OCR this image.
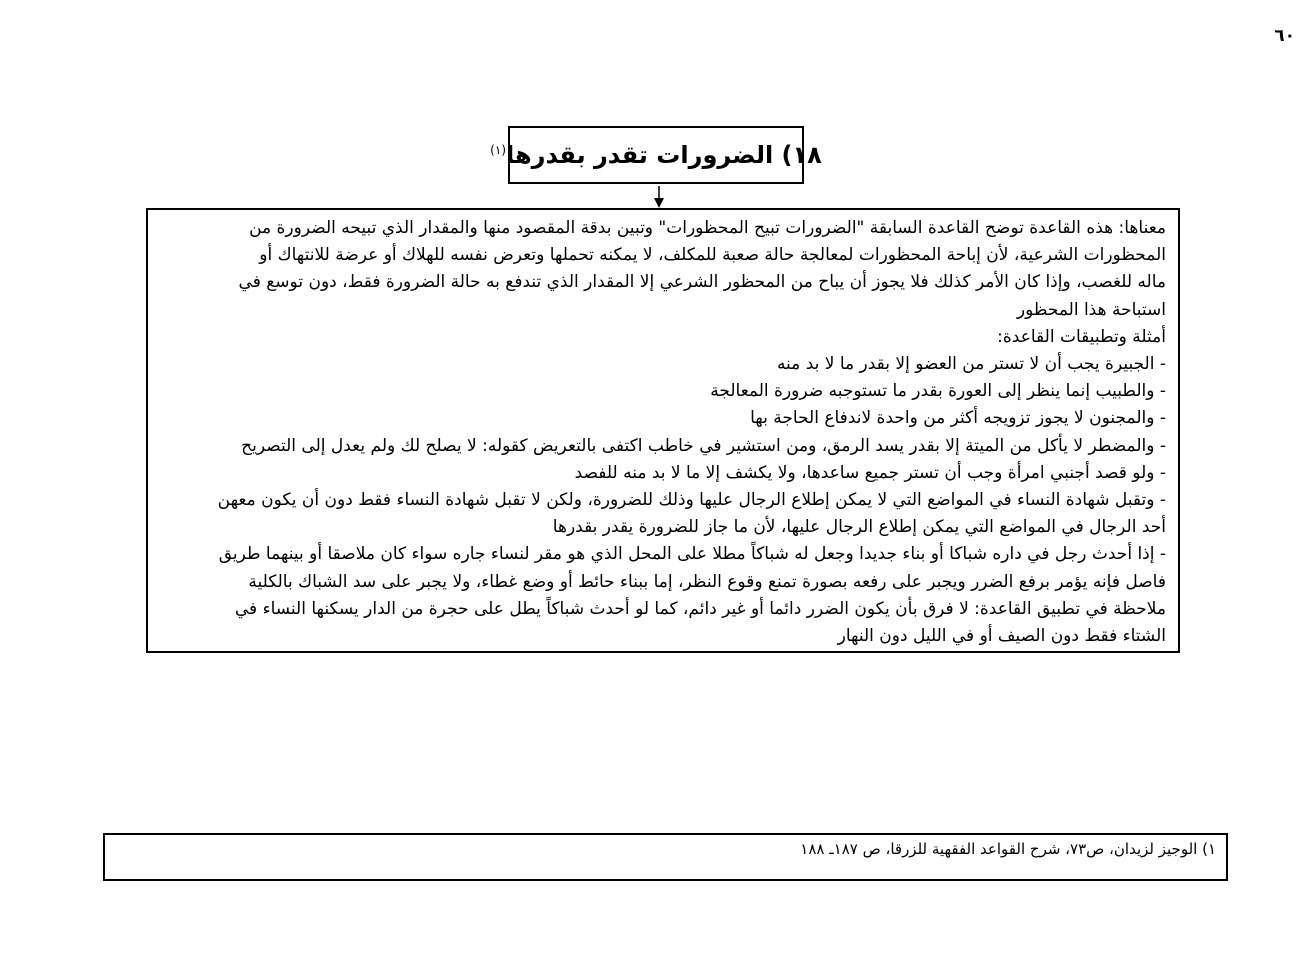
٦٠
١٨) الضرورات تقدر بقدرها$^{(١)}$

معناها: هذه القاعدة توضح القاعدة السابقة "الضرورات تبيح المحظورات" وتبين بدقة المقصود منها والمقدار الذي تبيحه الضرورة من

المحظورات الشرعية، لأن إباحة المحظورات لمعالجة حالة صعبة للمكلف، لا يمكنه تحملها وتعرض نفسه للهلاك أو عرضة للانتهاك أو

ماله للغصب، وإذا كان الأمر كذلك فلا يجوز أن يباح من المحظور الشرعي إلا المقدار الذي تندفع به حالة الضرورة فقط، دون توسع في

استباحة هذا المحظور

أمثلة وتطبيقات القاعدة:

- الجبيرة يجب أن لا تستر من العضو إلا بقدر ما لا بد منه

- والطبيب إنما ينظر إلى العورة بقدر ما تستوجبه ضرورة المعالجة

- والمجنون لا يجوز تزويجه أكثر من واحدة لاندفاع الحاجة بها

- والمضطر لا يأكل من الميتة إلا بقدر يسد الرمق، ومن استشير في خاطب اكتفى بالتعريض كقوله: لا يصلح لك ولم يعدل إلى التصريح

- ولو قصد أجنبي امرأة وجب أن تستر جميع ساعدها، ولا يكشف إلا ما لا بد منه للفصد

- وتقبل شهادة النساء في المواضع التي لا يمكن إطلاع الرجال عليها وذلك للضرورة، ولكن لا تقبل شهادة النساء فقط دون أن يكون معهن

أحد الرجال في المواضع التي يمكن إطلاع الرجال عليها، لأن ما جاز للضرورة يقدر بقدرها

- إذا أحدث رجل في داره شباكا أو بناء جديدا وجعل له شباكاً مطلا على المحل الذي هو مقر لنساء جاره سواء كان ملاصقا أو بينهما طريق

فاصل فإنه يؤمر برفع الضرر ويجبر على رفعه بصورة تمنع وقوع النظر، إما ببناء حائط أو وضع غطاء، ولا يجبر على سد الشباك بالكلية

ملاحظة في تطبيق القاعدة: لا فرق بأن يكون الضرر دائما أو غير دائم، كما لو أحدث شباكاً يطل على حجرة من الدار يسكنها النساء في

الشتاء فقط دون الصيف أو في الليل دون النهار

١) الوجيز لزيدان، ص٧٣، شرح القواعد الفقهية للزرقا، ص ١٨٧ـ ١٨٨
